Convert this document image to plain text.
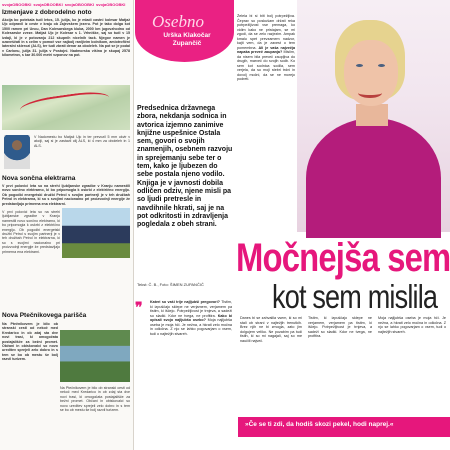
svojaOBOOBKI svojaOBOOBKI svojaOBOOBKI svojaOBOOBKI
Izmenjave z dobrodelno noto
Akcija bo potekala tudi letos, 15. julija, ko je mladi castni kolesar Matjaž Ujc odpravil iz ceste v kraju ob Zajevskem jezeru. Pot je tako dolga kot 1500 ramen pri Uncu, Dan Kolesarskega kluba, 2000 km jugovzhodno od Kolesarske zveze. Matjaž Ujc je Kolesar s 1. Vrhniške, saj so tudi v 15 izdaji, ki je v potovanju 212 skupnih nicelnih tack. Njegov namen je ozaveščati in s celim v pomoč vse najbolj ranljivim bolnikom, amiotrofični lateralni sklerozi (ALS), ter tudi zbrati denar za oboleleh. Na pot se je podal v Carlonu, julija 31. julija v Postojni. Nadmorska višina je skupaj 2578 kilometrov, s kar 30.000 metri vzponov na pot.
V Nadomestu bo Matjaž Ujc in ter prevozil 5 mm okvir v akciji, saj si je zastavil cilj ALS, ki 4 mm za oboleleh in 1 ALS.
Nova sončna elektrarna
V prvi polovici leta so na strehi ljubljanske zgradbe v Kranju namestili novo sončno elektrarno, ki bo pripomogla k oskrbi z električno energijo. Ob pogodbi energetski družbi Petrol s svojim partnerji je v teh družbah Petrol in elektrarna, ki so s svojimi nacionalno pri proizvodnji energije že predstavljajo primerna ena elektrarni.
V prvi polovici leta so na strehi ljubljanske zgradbe v Kranju namestili novo sončno elektrarno, ki bo pripomogla k oskrbi z električno energijo. Ob pogodbi energetski družbi Petrol s svojim partnerji je v teh družbah Petrol in elektrarna, ki so s svojimi nacionalno pri proizvodnji energije že predstavljajo primerna ena elektrarni.
Nova Ptečnikovega parišča
Na Ptečnikovem je bilo ob stranski cesti od nekoč med Kredarico in ob zdaj sta dve novi trasi, ki omogočata postajališče za bežni promet. Občani in obiskovalci so novo ureditev sprejeli zelo dobro in s tem se bo ob mestu še bolj razvil turizem.
Na Ptečnikovem je bilo ob stranski cesti od nekoč med Kredarico in ob zdaj sta dve novi trasi, ki omogočata postajališče za bežni promet. Občani in obiskovalci so novo ureditev sprejeli zelo dobro in s tem se bo ob mestu še bolj razvil turizem.
Osebno
Urška Klakočar Zupančič
Predsednica državnega zbora, nekdanja sodnica in avtorica izjemno zanimive knjižne uspešnice Ostala sem, govori o svojih znamenjih, osebnem razvoju in sprejemanju sebe ter o tem, kako je ljubezen do sebe postala njeno vodilo. Knjiga je v javnosti dobila odličen odziv, njene misli pa so ljudi pretresle in navdihnile hkrati, saj je na pot odkritosti in zdravljenja pogledala z obeh strani.
Tekst: Č. B., Foto: ŠIMEN ZUPANČIČ
Želela bi si biti bolj potrpežljiva. Čeprav so poskušam držati reka potrpežljivost vse premaga, ko vidim kako ne pristajam, se mi zgodi, da se zelo razjezim. Ampak kmalu spet prevzamem nadzor, kajti vem, da je zavest o tem pomembna. Ali je vaša največja napaka preveč zaupanja? Mislim, da nisem bila preveč zaupljiva do drugih, marveč do svojih sodb. Ko sem kot sodnica sodila, sem verjela, da so moji stebri trdni in dovolj močni, da se ne morejo podreti.
Močnejša sem
kot sem mislila
❞ Kateri so vaši trije najljubši pregovori? Tistim, ki izpuščajo sklepe ne verjamem, verjamem pa tistim, ki iščejo. Potrpežljivost je trnjeva, a sadeži so sladki. Kdor ne tvega, ne profitira. Kako bi opisali svojo najljubšo osebo? Moja najljubša oseba je moja hči. Je nežna, a hkrati zelo močna in odločna. Z njo se lahko pogovarjam o vsem, tudi o najtežjih stvareh.
Danes bi se zahvalila vsem, ki so mi stali ob strani v najtežjih trenutkih. Brez njih ne bi zmogla, zato jim dolgujem veliko. Ne pozabim pa tudi tistih, ki so mi nagajali, saj so me naučili največ.
Tistim, ki izpuščajo sklepe ne verjamem, verjamem pa tistim, ki iščejo. Potrpežljivost je trnjeva, a sadeži so sladki. Kdor ne tvega, ne profitira.
Moja najljubša oseba je moja hči. Je nežna, a hkrati zelo močna in odločna. Z njo se lahko pogovarjam o vsem, tudi o najtežjih stvareh.
»Če se ti zdi, da hodiš skozi pekel, hodi naprej.«
